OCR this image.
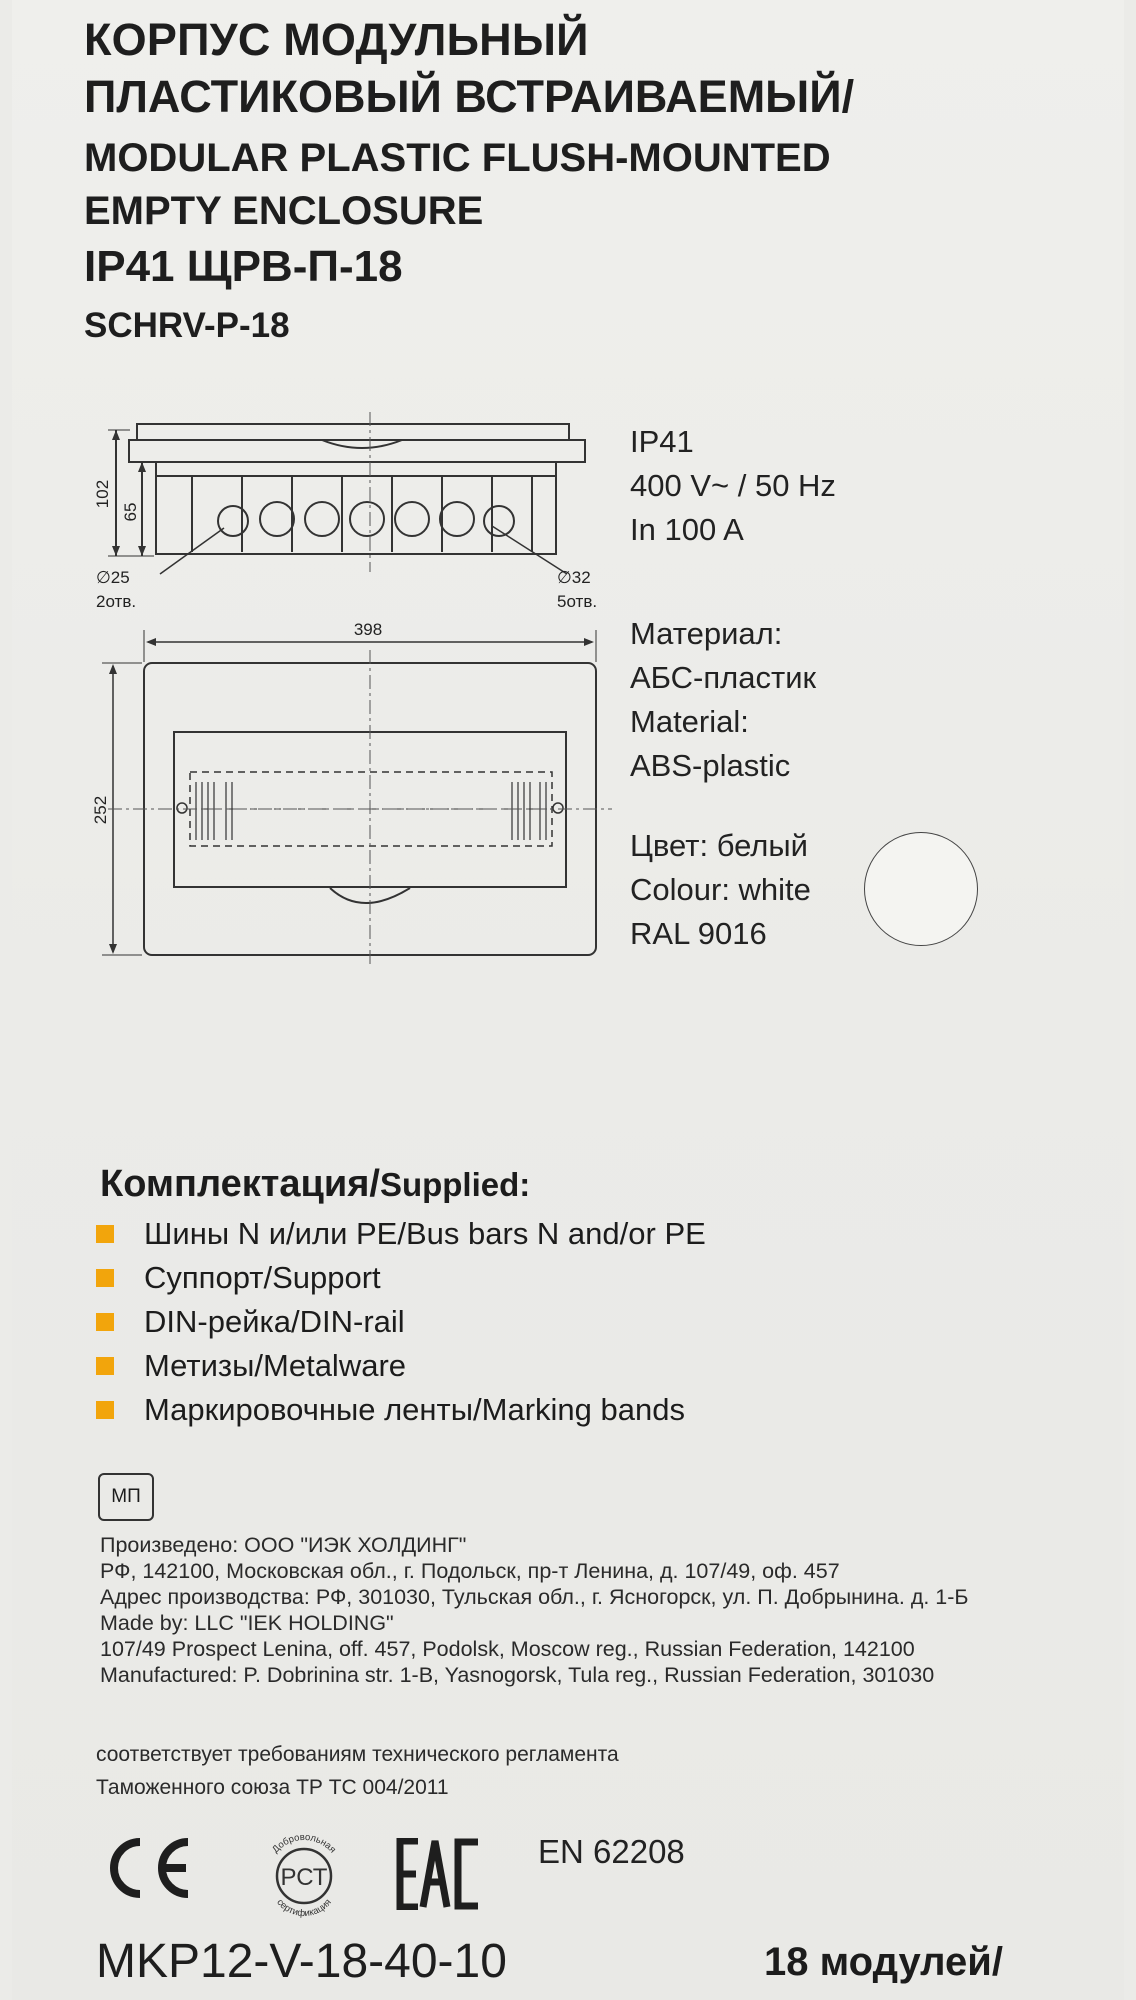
КОРПУС МОДУЛЬНЫЙ
ПЛАСТИКОВЫЙ ВСТРАИВАЕМЫЙ/
MODULAR PLASTIC FLUSH-MOUNTED
EMPTY ENCLOSURE
IP41 ЩРВ-П-18
SCHRV-P-18
102
65
∅25
2отв.
∅32
5отв.
398
252
IP41
400 V~ / 50 Hz
In 100 A
Материал:
АБС-пластик
Material:
ABS-plastic
Цвет: белый
Colour: white
RAL 9016
Комплектация/Supplied:
Шины N и/или PE/ Bus bars N and/or PE
Суппорт/ Support
DIN-рейка/ DIN-rail
Метизы/ Metalware
Маркировочные ленты/ Marking bands
МП
Произведено: ООО "ИЭК ХОЛДИНГ"
РФ, 142100, Московская обл., г. Подольск, пр-т Ленина, д. 107/49, оф. 457
Адрес производства: РФ, 301030, Тульская обл., г. Ясногорск, ул. П. Добрынина. д. 1-Б
Made by: LLC "IEK HOLDING"
107/49 Prospect Lenina, off. 457, Podolsk, Moscow reg., Russian Federation, 142100
Manufactured: P. Dobrinina str. 1-B, Yasnogorsk, Tula reg., Russian Federation, 301030
соответствует требованиям технического регламента
Таможенного союза ТР ТС 004/2011
Добровольная
сертификация
РСТ
EN 62208
MKP12-V-18-40-10	18 модулей/
